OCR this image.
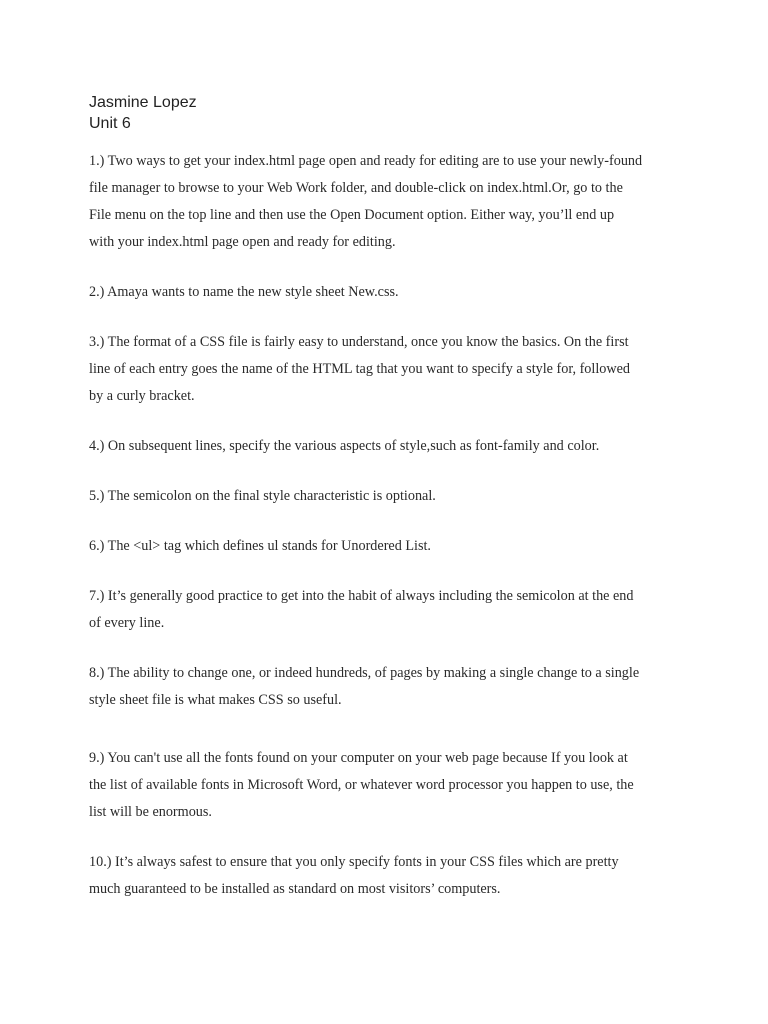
Jasmine Lopez
Unit 6

1.) Two ways to get your index.html page open and ready for editing are to use your newly-found
file manager to browse to your Web Work folder, and double-click on index.html.Or, go to the
File menu on the top line and then use the Open Document option. Either way, you’ll end up
with your index.html page open and ready for editing.

2.) Amaya wants to name the new style sheet New.css.

3.) The format of a CSS file is fairly easy to understand, once you know the basics. On the first
line of each entry goes the name of the HTML tag that you want to specify a style for, followed
by a curly bracket.

4.) On subsequent lines, specify the various aspects of style,such as font-family and color.

5.) The semicolon on the final style characteristic is optional.

6.) The <ul> tag which defines ul stands for Unordered List.

7.) It’s generally good practice to get into the habit of always including the semicolon at the end
of every line.

8.) The ability to change one, or indeed hundreds, of pages by making a single change to a single
style sheet file is what makes CSS so useful.

9.) You can't use all the fonts found on your computer on your web page because If you look at
the list of available fonts in Microsoft Word, or whatever word processor you happen to use, the
list will be enormous.

10.) It’s always safest to ensure that you only specify fonts in your CSS files which are pretty
much guaranteed to be installed as standard on most visitors’ computers.
